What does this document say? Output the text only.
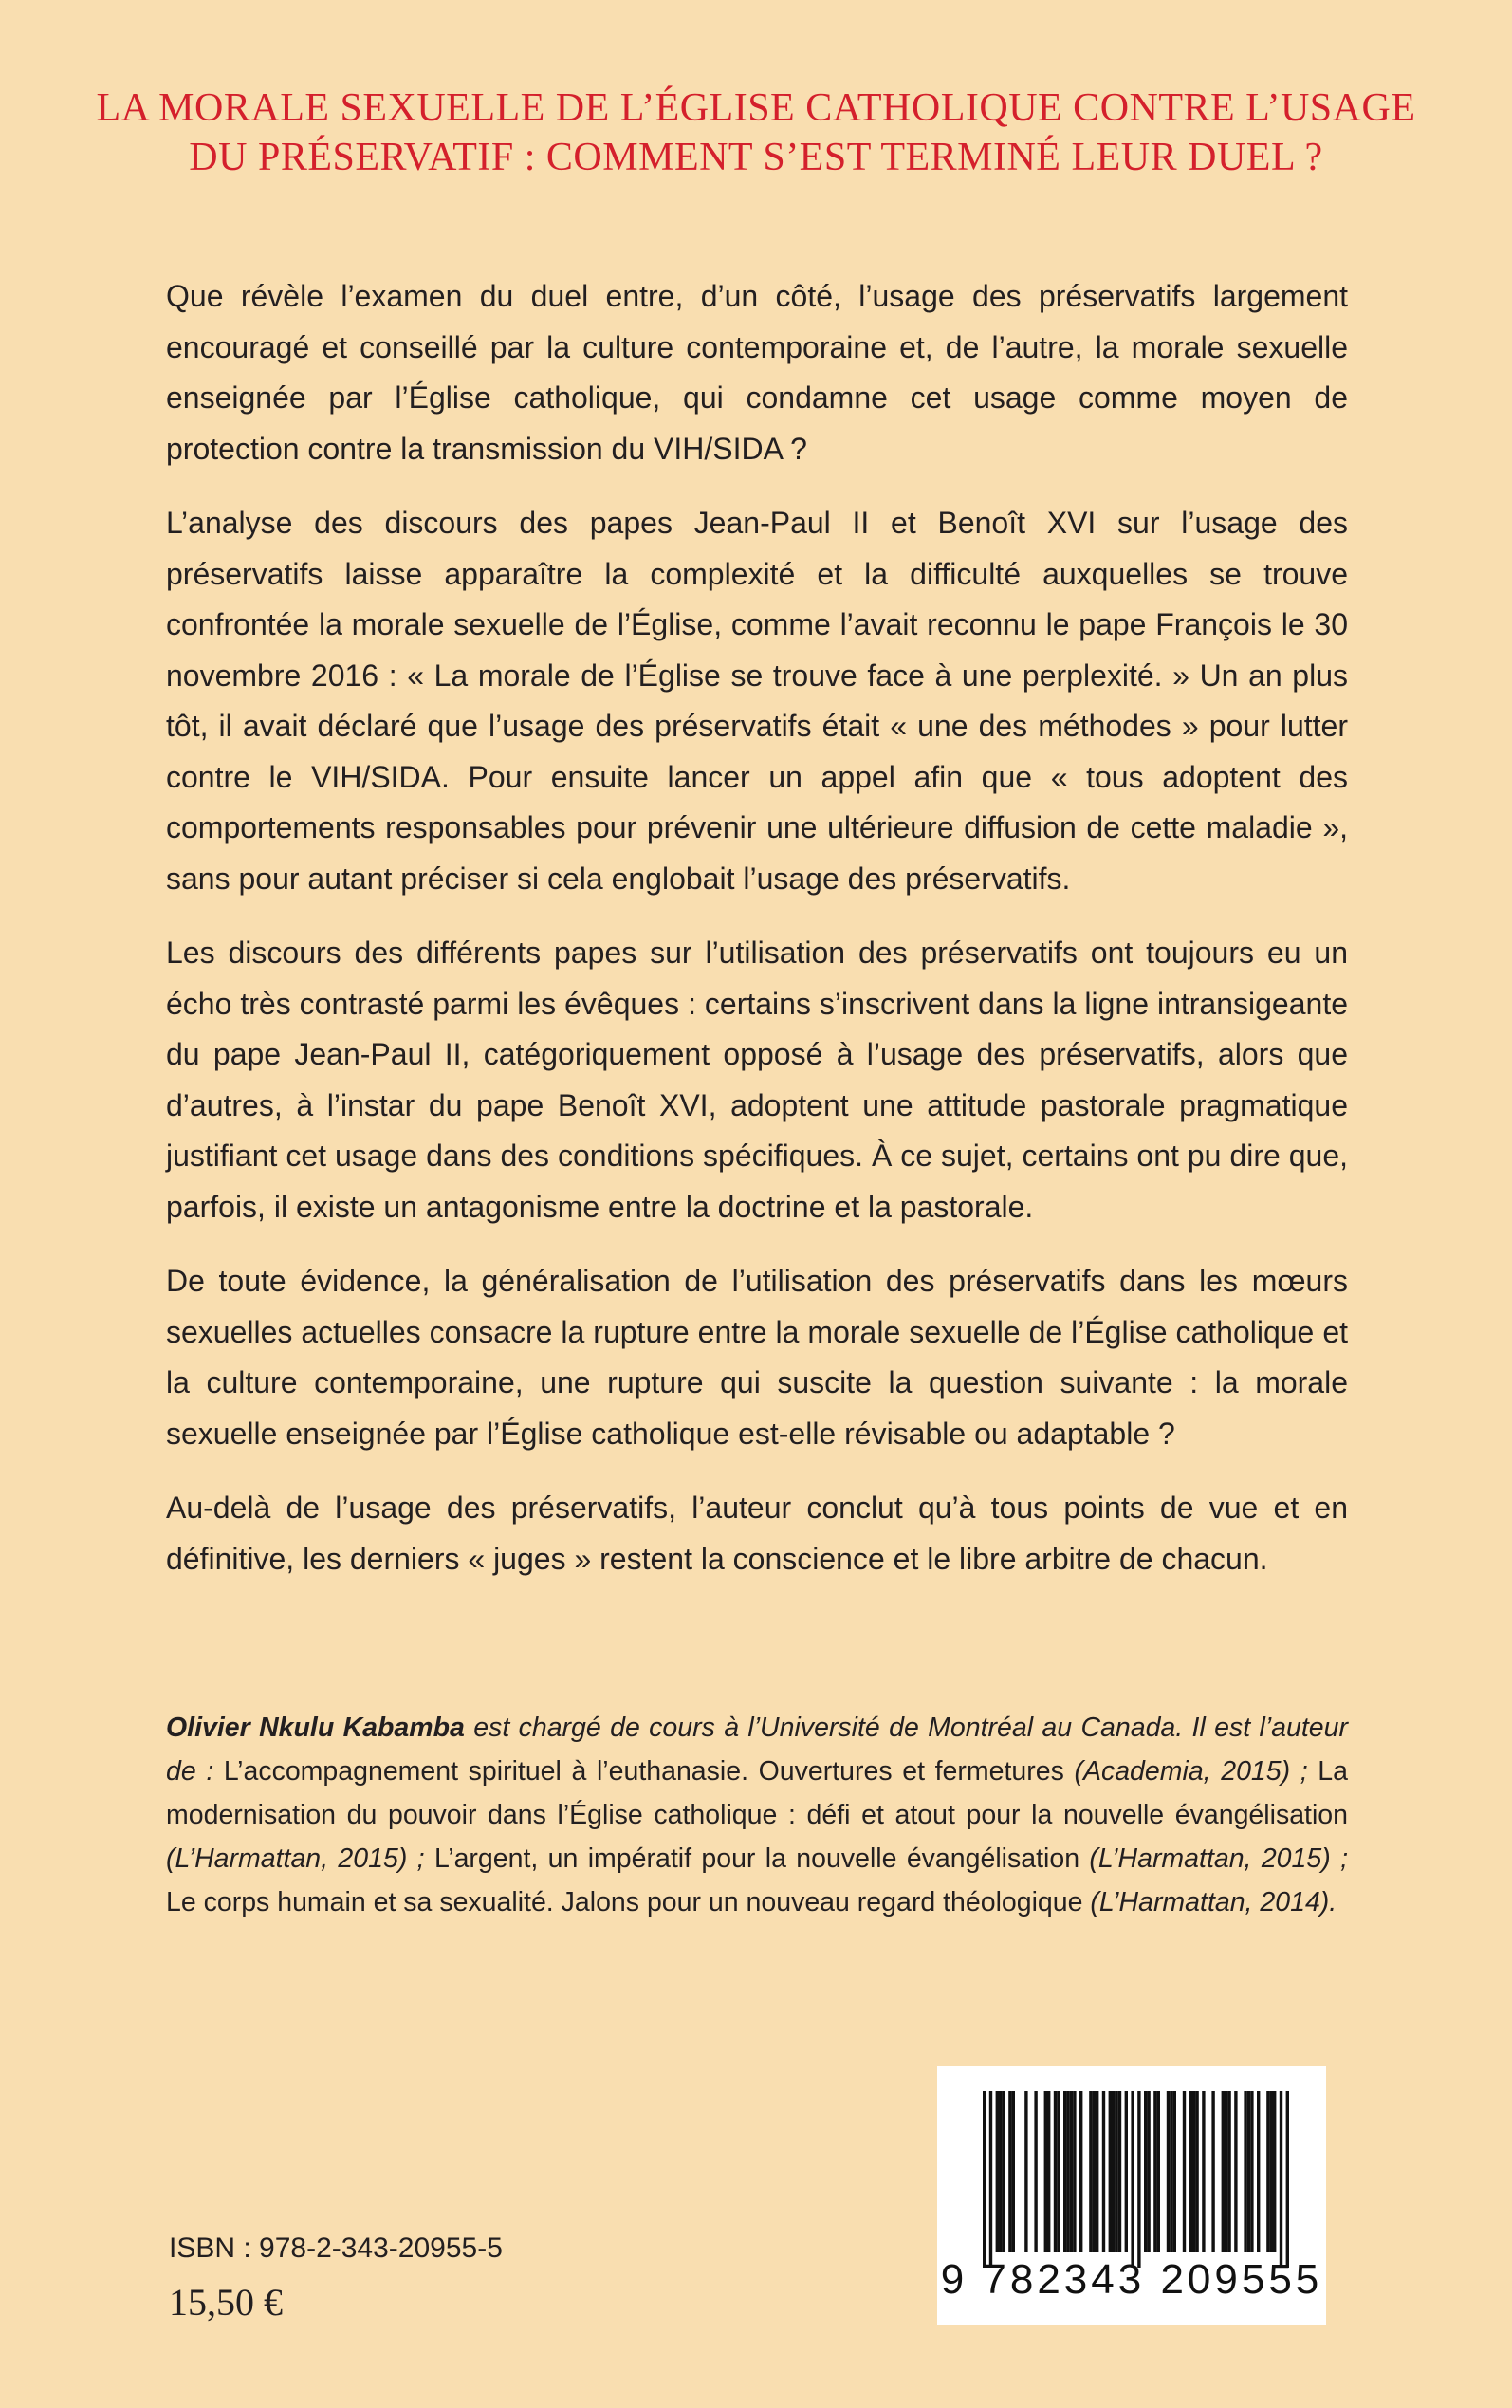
LA MORALE SEXUELLE DE L’ÉGLISE CATHOLIQUE CONTRE L’USAGE
DU PRÉSERVATIF : COMMENT S’EST TERMINÉ LEUR DUEL ?

Que révèle l’examen du duel entre, d’un côté, l’usage des préservatifs largement encouragé et conseillé par la culture contemporaine et, de l’autre, la morale sexuelle enseignée par l’Église catholique, qui condamne cet usage comme moyen de protection contre la transmission du VIH/SIDA ?

L’analyse des discours des papes Jean-Paul II et Benoît XVI sur l’usage des préservatifs laisse apparaître la complexité et la difficulté auxquelles se trouve confrontée la morale sexuelle de l’Église, comme l’avait reconnu le pape François le 30 novembre 2016 : « La morale de l’Église se trouve face à une perplexité. » Un an plus tôt, il avait déclaré que l’usage des préservatifs était « une des méthodes » pour lutter contre le VIH/SIDA. Pour ensuite lancer un appel afin que « tous adoptent des comportements responsables pour prévenir une ultérieure diffusion de cette maladie », sans pour autant préciser si cela englobait l’usage des préservatifs.

Les discours des différents papes sur l’utilisation des préservatifs ont toujours eu un écho très contrasté parmi les évêques : certains s’inscrivent dans la ligne intransigeante du pape Jean-Paul II, catégoriquement opposé à l’usage des préservatifs, alors que d’autres, à l’instar du pape Benoît XVI, adoptent une attitude pastorale pragmatique justifiant cet usage dans des conditions spécifiques. À ce sujet, certains ont pu dire que, parfois, il existe un antagonisme entre la doctrine et la pastorale.

De toute évidence, la généralisation de l’utilisation des préservatifs dans les mœurs sexuelles actuelles consacre la rupture entre la morale sexuelle de l’Église catholique et la culture contemporaine, une rupture qui suscite la question suivante : la morale sexuelle enseignée par l’Église catholique est-elle révisable ou adaptable ?

Au-delà de l’usage des préservatifs, l’auteur conclut qu’à tous points de vue et en définitive, les derniers « juges » restent la conscience et le libre arbitre de chacun.

Olivier Nkulu Kabamba est chargé de cours à l’Université de Montréal au Canada. Il est l’auteur de : L’accompagnement spirituel à l’euthanasie. Ouvertures et fermetures (Academia, 2015) ; La modernisation du pouvoir dans l’Église catholique : défi et atout pour la nouvelle évangélisation (L’Harmattan, 2015) ; L’argent, un impératif pour la nouvelle évangélisation (L’Harmattan, 2015) ; Le corps humain et sa sexualité. Jalons pour un nouveau regard théologique (L’Harmattan, 2014).
ISBN : 978-2-343-20955-5
15,50 €	9 782343 209555
